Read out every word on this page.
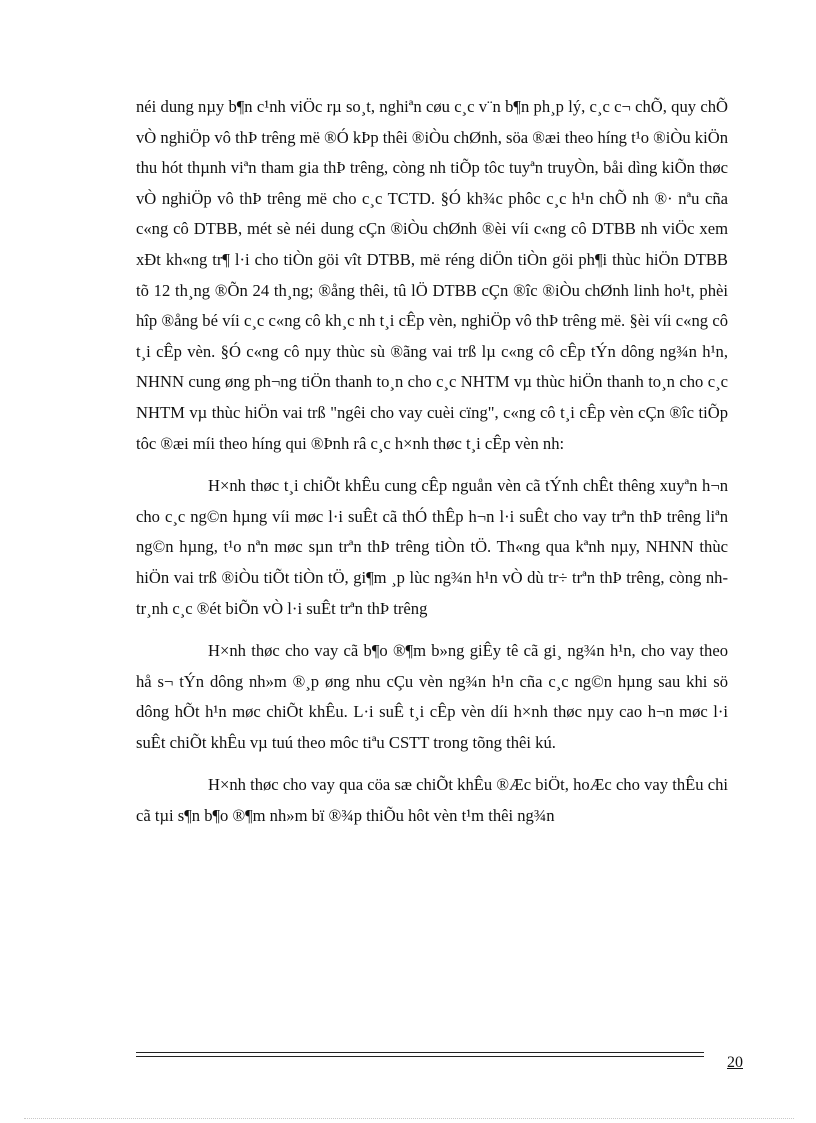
néi dung nµy b¶n c¹nh viÖc rµ so¸t, nghiªn cøu c¸c v¨n b¶n ph¸p lý, c¸c c¬ chÕ, quy chÕ vÒ nghiÖp vô thÞ trêng më ®Ó kÞp thêi ®iÒu chØnh, söa ®æi theo híng t¹o ®iÒu kiÖn thu hót thµnh viªn tham gia thÞ trêng, còng nh tiÕp tôc tuyªn truyÒn, båi dìng kiÕn thøc vÒ nghiÖp vô thÞ trêng më cho c¸c TCTD. §Ó kh¾c phôc c¸c h¹n chÕ nh ®· nªu cña c«ng cô DTBB, mét sè néi dung cÇn ®iÒu chØnh ®èi víi c«ng cô DTBB nh viÖc xem xÐt kh«ng tr¶ l·i cho tiÒn göi vît DTBB, më réng diÖn tiÒn göi ph¶i thùc hiÖn DTBB tõ 12 th¸ng ®Õn 24 th¸ng; ®ång thêi, tû lÖ DTBB cÇn ®îc ®iÒu chØnh linh ho¹t, phèi hîp ®ång bé víi c¸c c«ng cô kh¸c nh t¸i cÊp vèn, nghiÖp vô thÞ trêng më. §èi víi c«ng cô t¸i cÊp vèn. §Ó c«ng cô nµy thùc sù ®ãng vai trß lµ c«ng cô cÊp tÝn dông ng¾n h¹n, NHNN cung øng ph¬ng tiÖn thanh to¸n cho c¸c NHTM vµ thùc hiÖn thanh to¸n cho c¸c NHTM vµ thùc hiÖn vai trß "ngêi cho vay cuèi cïng", c«ng cô t¸i cÊp vèn cÇn ®îc tiÕp tôc ®æi míi theo híng qui ®Þnh râ c¸c h×nh thøc t¸i cÊp vèn nh:

H×nh thøc t¸i chiÕt khÊu cung cÊp nguån vèn cã tÝnh chÊt thêng xuyªn h¬n cho c¸c ng©n hµng víi møc l·i suÊt cã thÓ thÊp h¬n l·i suÊt cho vay trªn thÞ trêng liªn ng©n hµng, t¹o nªn møc sµn trªn thÞ trêng tiÒn tÖ. Th«ng qua kªnh nµy, NHNN thùc hiÖn vai trß ®iÒu tiÕt tiÒn tÖ, gi¶m ¸p lùc ng¾n h¹n vÒ dù tr÷ trªn thÞ trêng, còng nh tr¸nh c¸c ®ét biÕn vÒ l·i suÊt trªn thÞ trêng

H×nh thøc cho vay cã b¶o ®¶m b»ng giÊy tê cã gi¸ ng¾n h¹n, cho vay theo hå s¬ tÝn dông nh»m ®¸p øng nhu cÇu vèn ng¾n h¹n cña c¸c ng©n hµng sau khi sö dông hÕt h¹n møc chiÕt khÊu. L·i suÊ t¸i cÊp vèn díi h×nh thøc nµy cao h¬n møc l·i suÊt chiÕt khÊu vµ tuú theo môc tiªu CSTT trong tõng thêi kú.

H×nh thøc cho vay qua cöa sæ chiÕt khÊu ®Æc biÖt, hoÆc cho vay thÊu chi cã tµi s¶n b¶o ®¶m nh»m bï ®¾p thiÕu hôt vèn t¹m thêi ng¾n

20
